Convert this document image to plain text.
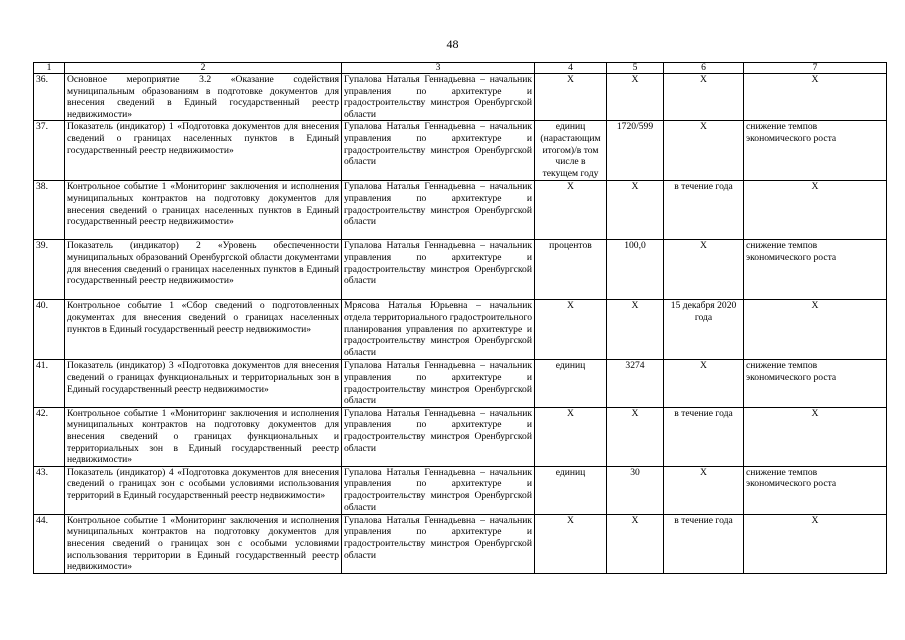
48
1	2	3	4	5	6	7
36.	Основное мероприятие 3.2 «Оказание содействия муниципальным образованиям в подготовке документов для внесения сведений в Единый государственный реестр недвижимости»	Гупалова Наталья Геннадьевна – начальник управления по архитектуре и градостроительству минстроя Оренбургской области	Х	Х	Х	Х
37.	Показатель (индикатор) 1 «Подготовка документов для внесения сведений о границах населенных пунктов в Единый государственный реестр недвижимости»	Гупалова Наталья Геннадьевна – начальник управления по архитектуре и градостроительству минстроя Оренбургской области	единиц (нарастающим итогом)/в том числе в текущем году	1720/599	Х	снижение темпов экономического роста
38.	Контрольное событие 1 «Мониторинг заключения и исполнения муниципальных контрактов на подготовку документов для внесения сведений о границах населенных пунктов в Единый государственный реестр недвижимости»	Гупалова Наталья Геннадьевна – начальник управления по архитектуре и градостроительству минстроя Оренбургской области	Х	Х	в течение года	Х
39.	Показатель (индикатор) 2 «Уровень обеспеченности муниципальных образований Оренбургской области документами для внесения сведений о границах населенных пунктов в Единый государственный реестр недвижимости»	Гупалова Наталья Геннадьевна – начальник управления по архитектуре и градостроительству минстроя Оренбургской области	процентов	100,0	Х	снижение темпов экономического роста
40.	Контрольное событие 1 «Сбор сведений о подготовленных документах для внесения сведений о границах населенных пунктов в Единый государственный реестр недвижимости»	Мрясова Наталья Юрьевна – начальник отдела территориального градостроительного планирования управления по архитектуре и градостроительству минстроя Оренбургской области	Х	Х	15 декабря 2020 года	Х
41.	Показатель (индикатор) 3 «Подготовка документов для внесения сведений о границах функциональных и территориальных зон в Единый государственный реестр недвижимости»	Гупалова Наталья Геннадьевна – начальник управления по архитектуре и градостроительству минстроя Оренбургской области	единиц	3274	Х	снижение темпов экономического роста
42.	Контрольное событие 1 «Мониторинг заключения и исполнения муниципальных контрактов на подготовку документов для внесения сведений о границах функциональных и территориальных зон в Единый государственный реестр недвижимости»	Гупалова Наталья Геннадьевна – начальник управления по архитектуре и градостроительству минстроя Оренбургской области	Х	Х	в течение года	Х
43.	Показатель (индикатор) 4 «Подготовка документов для внесения сведений о границах зон с особыми условиями использования территорий в Единый государственный реестр недвижимости»	Гупалова Наталья Геннадьевна – начальник управления по архитектуре и градостроительству минстроя Оренбургской области	единиц	30	Х	снижение темпов экономического роста
44.	Контрольное событие 1 «Мониторинг заключения и исполнения муниципальных контрактов на подготовку документов для внесения сведений о границах зон с особыми условиями использования территории в Единый государственный реестр недвижимости»	Гупалова Наталья Геннадьевна – начальник управления по архитектуре и градостроительству минстроя Оренбургской области	Х	Х	в течение года	Х
